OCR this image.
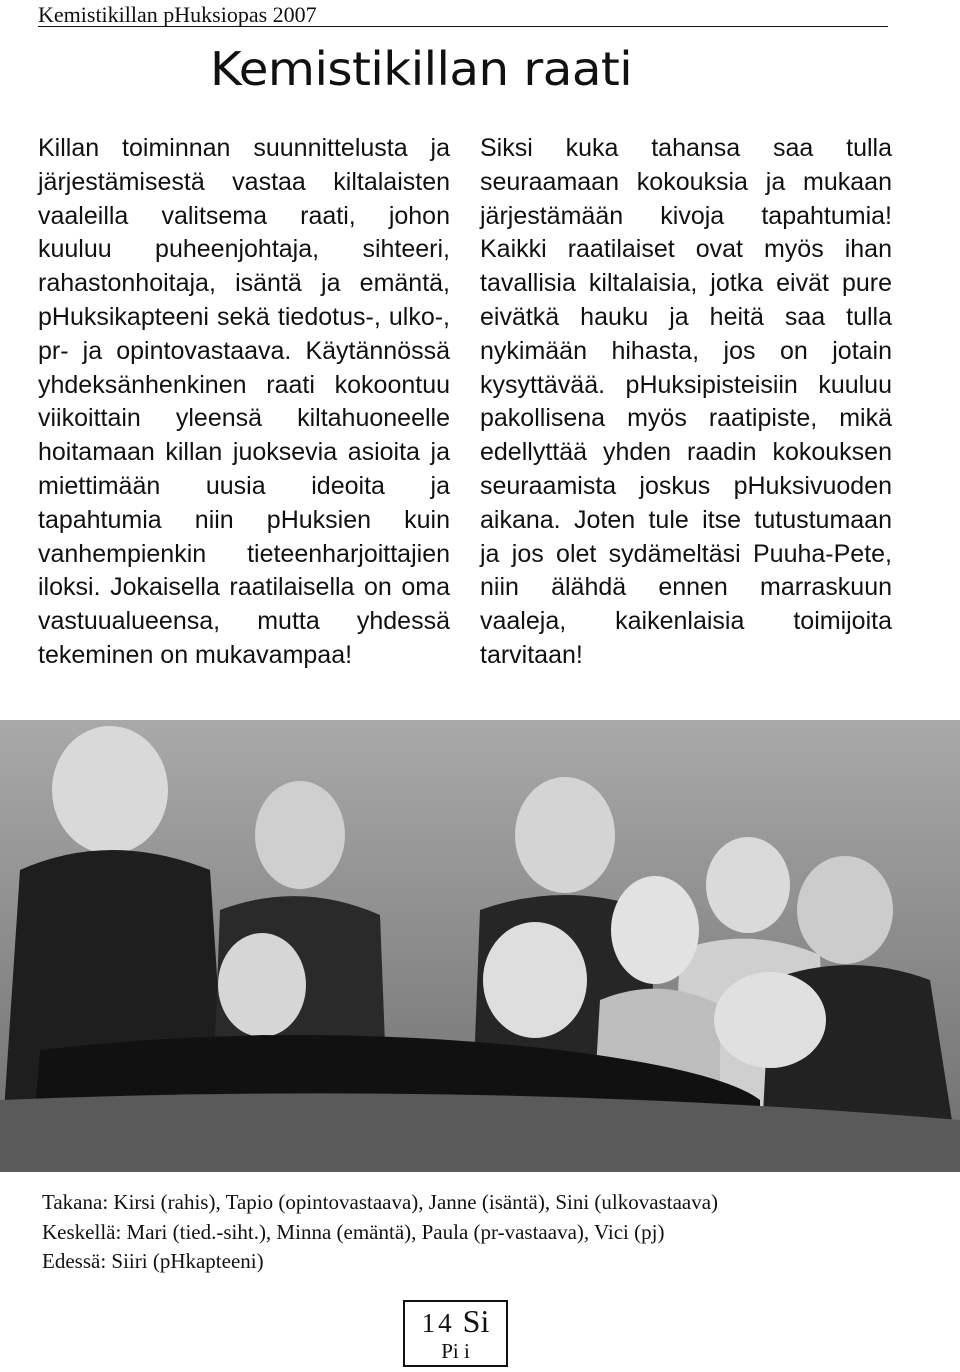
Kemistikillan pHuksiopas 2007
Kemistikillan raati

Killan toiminnan suunnittelusta ja järjestämisestä vastaa kiltalaisten vaaleilla valitsema raati, johon kuuluu puheenjohtaja, sihteeri, rahastonhoitaja, isäntä ja emäntä, pHuksikapteeni sekä tiedotus-, ulko-, pr- ja opintovastaava. Käytännössä yhdeksänhenkinen raati kokoontuu viikoittain yleensä kiltahuoneelle hoitamaan killan juoksevia asioita ja miettimään uusia ideoita ja tapahtumia niin pHuksien kuin vanhempienkin tieteenharjoittajien iloksi. Jokaisella raatilaisella on oma vastuualueensa, mutta yhdessä tekeminen on mukavampaa!

Siksi kuka tahansa saa tulla seuraamaan kokouksia ja mukaan järjestämään kivoja tapahtumia! Kaikki raatilaiset ovat myös ihan tavallisia kiltalaisia, jotka eivät pure eivätkä hauku ja heitä saa tulla nykimään hihasta, jos on jotain kysyttävää. pHuksipisteisiin kuuluu pakollisena myös raatipiste, mikä edellyttää yhden raadin kokouksen seuraamista joskus pHuksivuoden aikana. Joten tule itse tutustumaan ja jos olet sydämeltäsi Puuha-Pete, niin älähdä ennen marraskuun vaaleja, kaikenlaisia toimijoita tarvitaan!

Takana: Kirsi (rahis), Tapio (opintovastaava), Janne (isäntä), Sini (ulkovastaava)
Keskellä: Mari (tied.-siht.), Minna (emäntä), Paula (pr-vastaava), Vici (pj)
Edessä: Siiri (pHkapteeni)
14 Si
Pi i
